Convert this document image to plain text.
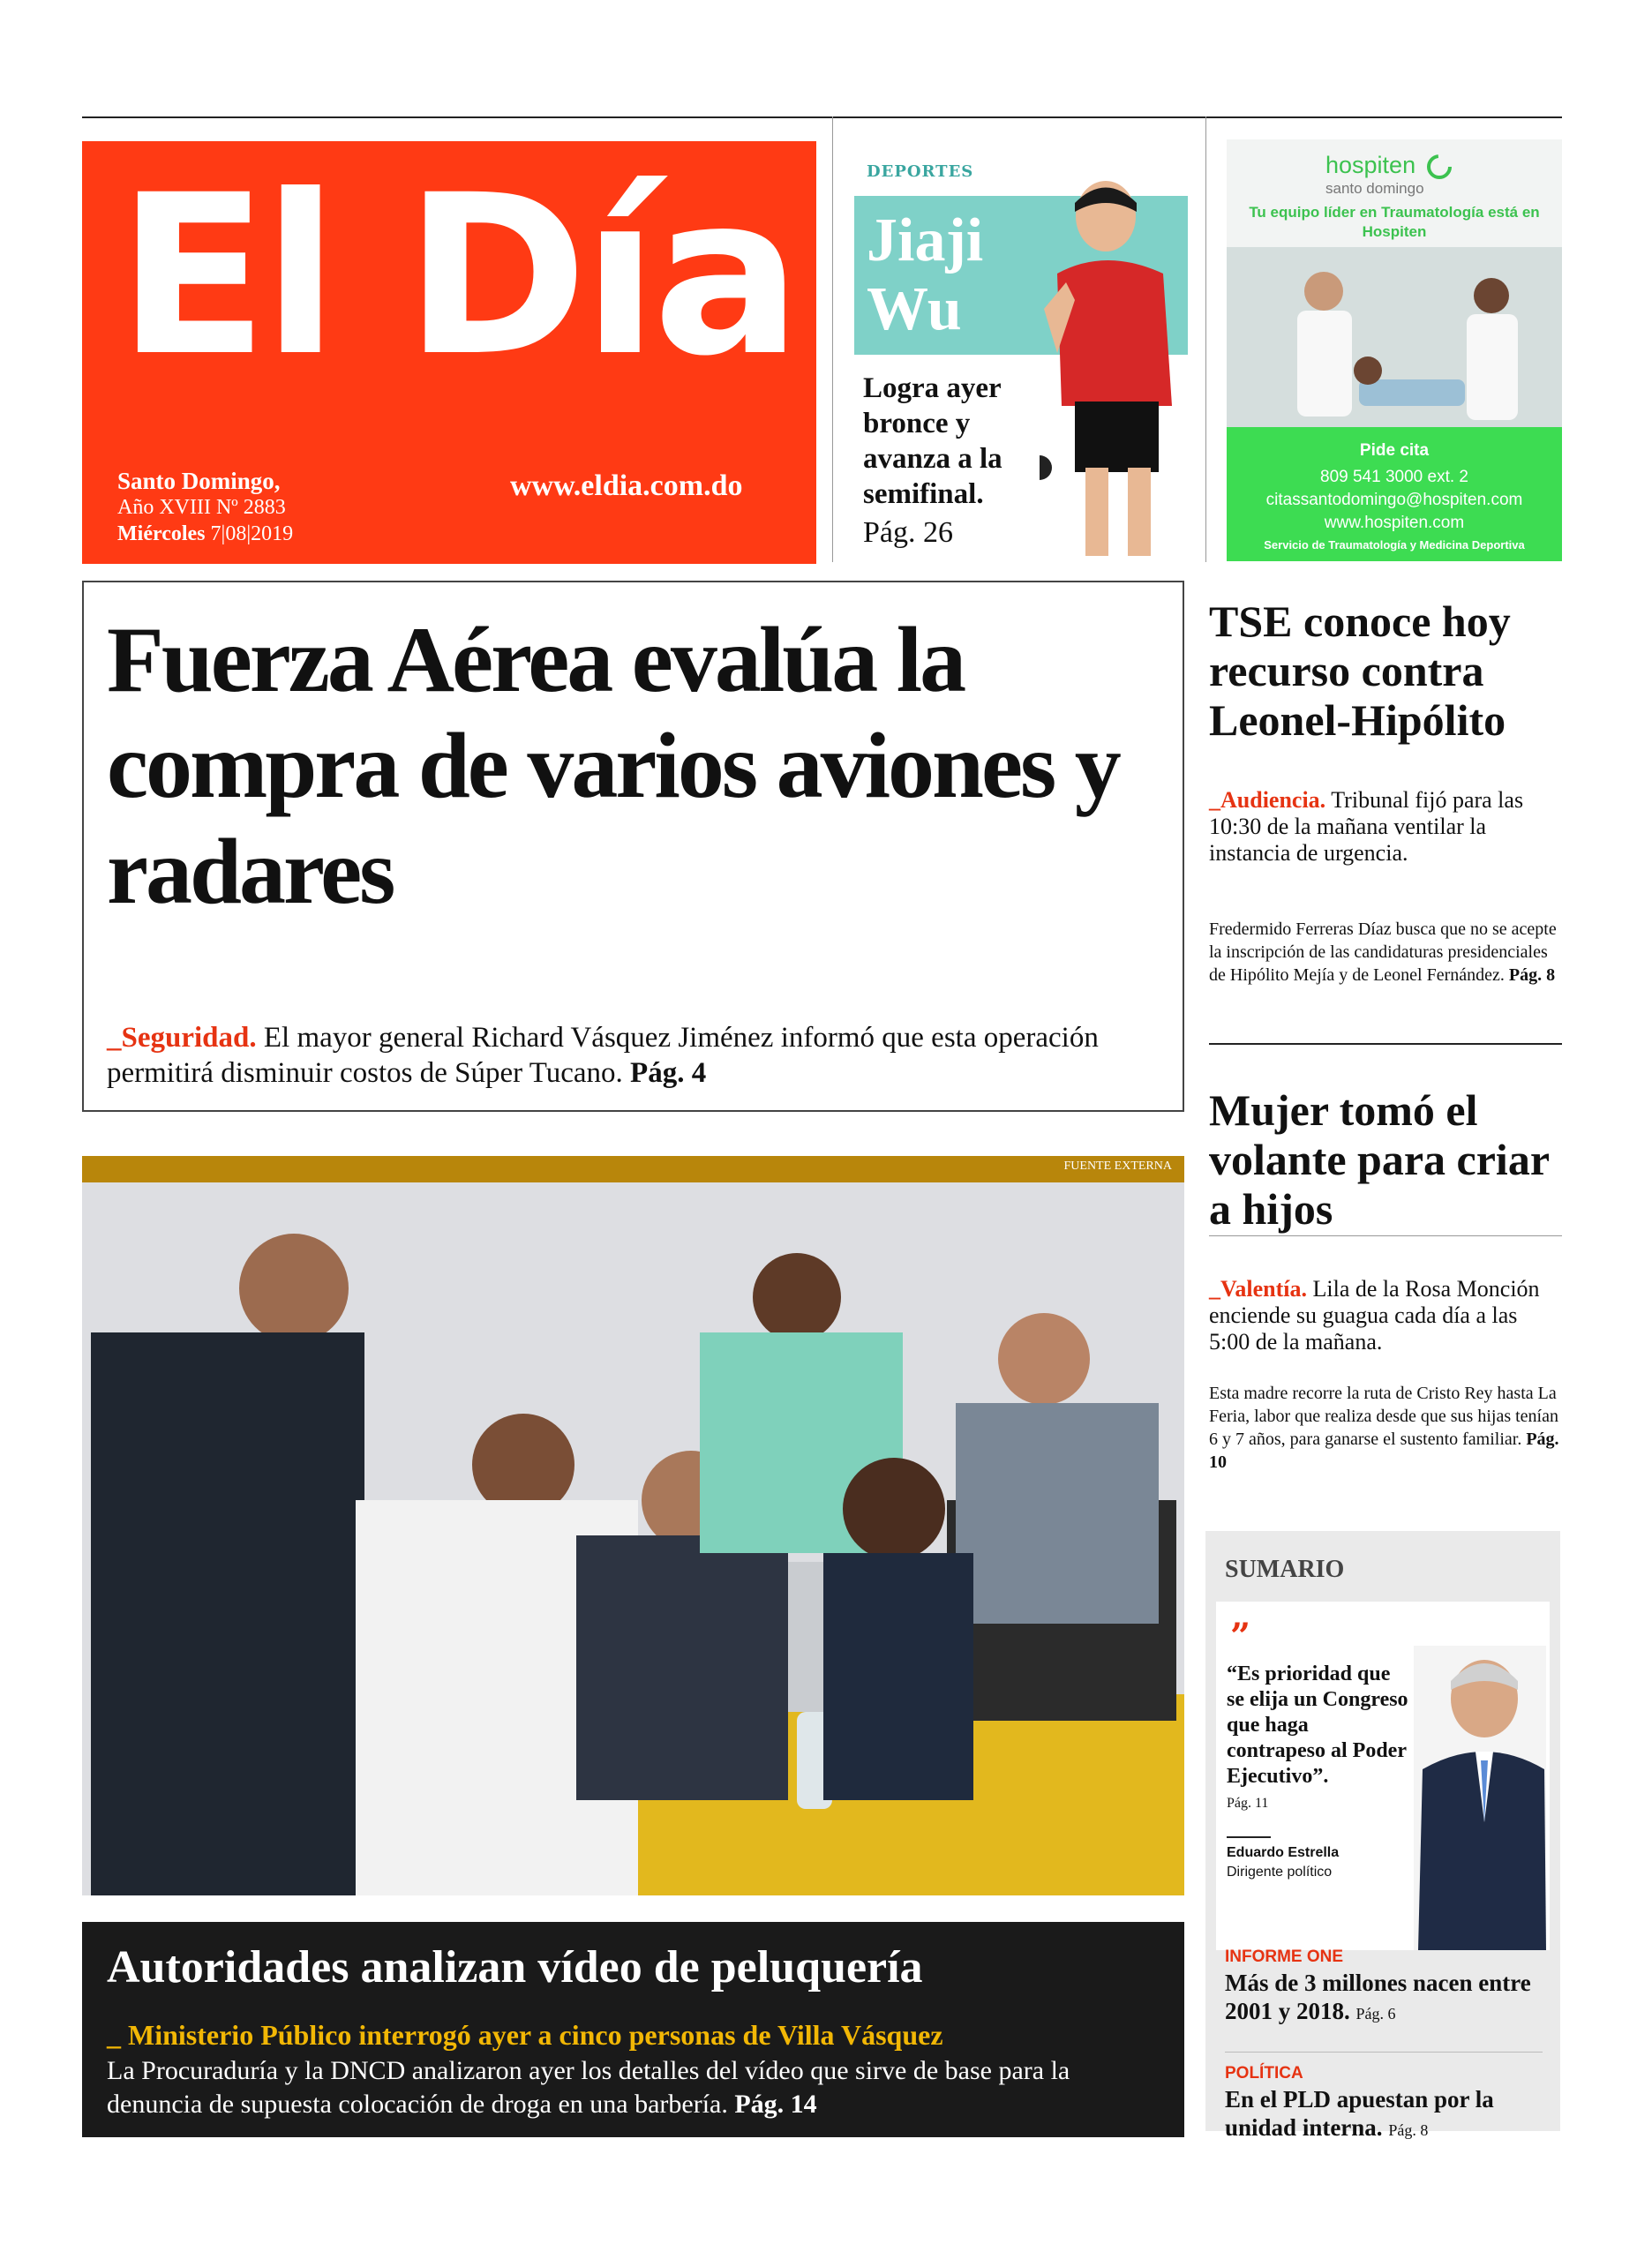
El Día
Santo Domingo,
Año XVIII Nº 2883
Miércoles 7|08|2019
www.eldia.com.do
DEPORTES
Jiaji
Wu
Logra ayer bronce y avanza a la semifinal.
Pág. 26
hospiten
santo domingo
Tu equipo líder en Traumatología está en Hospiten
Pide cita
809 541 3000 ext. 2
citassantodomingo@hospiten.com
www.hospiten.com
Servicio de Traumatología y Medicina Deportiva
Fuerza Aérea evalúa la compra de varios aviones y radares
_Seguridad. El mayor general Richard Vásquez Jiménez informó que esta operación permitirá disminuir costos de Súper Tucano. Pág. 4
TSE conoce hoy recurso contra Leonel-Hipólito
_Audiencia. Tribunal fijó para las 10:30 de la mañana ventilar la instancia de urgencia.
Fredermido Ferreras Díaz busca que no se acepte la inscripción de las candidaturas presidenciales de Hipólito Mejía y de Leonel Fernández. Pág. 8
Mujer tomó el volante para criar a hijos
_Valentía. Lila de la Rosa Monción enciende su guagua cada día a las 5:00 de la mañana.
Esta madre recorre la ruta de Cristo Rey hasta La Feria, labor que realiza desde que sus hijas tenían 6 y 7 años, para ganarse el sustento familiar. Pág. 10
FUENTE EXTERNA
Autoridades analizan vídeo de peluquería
_ Ministerio Público interrogó ayer a cinco personas de Villa Vásquez
La Procuraduría y la DNCD analizaron ayer los detalles del vídeo que sirve de base para la denuncia de supuesta colocación de droga en una barbería. Pág. 14
SUMARIO
”
“Es prioridad que se elija un Congreso que haga contrapeso al Poder Ejecutivo”.
Pág. 11
Eduardo Estrella
Dirigente político
INFORME ONE
Más de 3 millones nacen entre 2001 y 2018. Pág. 6
POLÍTICA
En el PLD apuestan por la unidad interna. Pág. 8
